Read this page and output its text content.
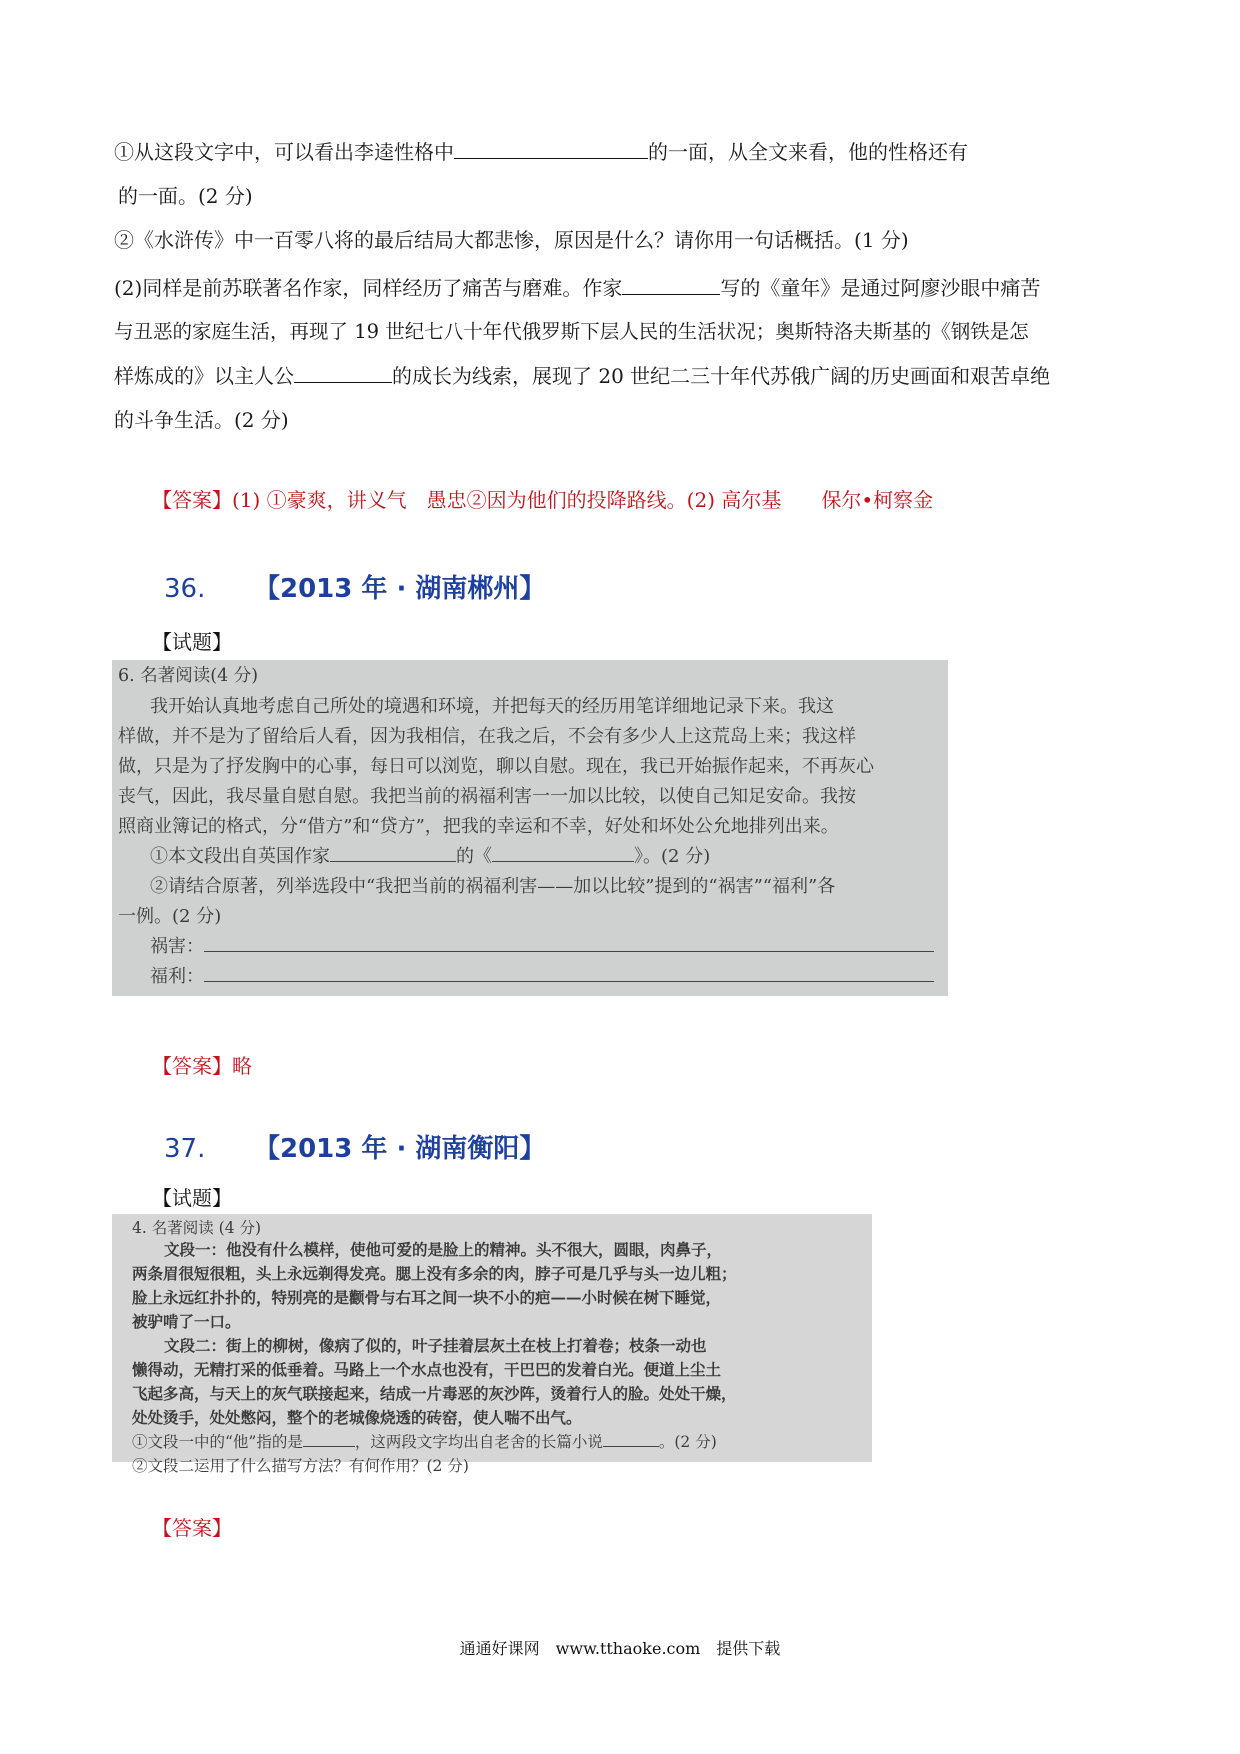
①从这段文字中，可以看出李逵性格中	的一面，从全文来看，他的性格还有
的一面。(2 分)
②《水浒传》中一百零八将的最后结局大都悲惨，原因是什么？请你用一句话概括。(1 分)
(2)同样是前苏联著名作家，同样经历了痛苦与磨难。作家	写的《童年》是通过阿廖沙眼中痛苦
与丑恶的家庭生活，再现了 19 世纪七八十年代俄罗斯下层人民的生活状况；奥斯特洛夫斯基的《钢铁是怎
样炼成的》以主人公	的成长为线索，展现了 20 世纪二三十年代苏俄广阔的历史画面和艰苦卓绝
的斗争生活。(2 分)
【答案】(1) ①豪爽，讲义气　愚忠②因为他们的投降路线。(2) 高尔基　　保尔•柯察金
36. 【2013 年 · 湖南郴州】
【试题】
6. 名著阅读(4 分)
我开始认真地考虑自己所处的境遇和环境，并把每天的经历用笔详细地记录下来。我这
样做，并不是为了留给后人看，因为我相信，在我之后，不会有多少人上这荒岛上来；我这样
做，只是为了抒发胸中的心事，每日可以浏览，聊以自慰。现在，我已开始振作起来，不再灰心
丧气，因此，我尽量自慰自慰。我把当前的祸福利害一一加以比较，以使自己知足安命。我按
照商业簿记的格式，分“借方”和“贷方”，把我的幸运和不幸，好处和坏处公允地排列出来。
①本文段出自英国作家	的《	》。(2 分)
②请结合原著，列举选段中“我把当前的祸福利害——加以比较”提到的“祸害”“福利”各
一例。(2 分)
祸害：
福利：
【答案】略
37. 【2013 年 · 湖南衡阳】
【试题】
4. 名著阅读 (4 分)
文段一：他没有什么模样，使他可爱的是脸上的精神。头不很大，圆眼，肉鼻子，
两条眉很短很粗，头上永远剃得发亮。腮上没有多余的肉，脖子可是几乎与头一边儿粗；
脸上永远红扑扑的，特别亮的是颧骨与右耳之间一块不小的疤——小时候在树下睡觉，
被驴啃了一口。
文段二：街上的柳树，像病了似的，叶子挂着层灰土在枝上打着卷；枝条一动也
懒得动，无精打采的低垂着。马路上一个水点也没有，干巴巴的发着白光。便道上尘土
飞起多高，与天上的灰气联接起来，结成一片毒恶的灰沙阵，烫着行人的脸。处处干燥，
处处烫手，处处憋闷，整个的老城像烧透的砖窑，使人喘不出气。
①文段一中的“他”指的是	，这两段文字均出自老舍的长篇小说	。(2 分)
②文段二运用了什么描写方法？有何作用？(2 分)
【答案】
通通好课网　www.tthaoke.com　提供下载
